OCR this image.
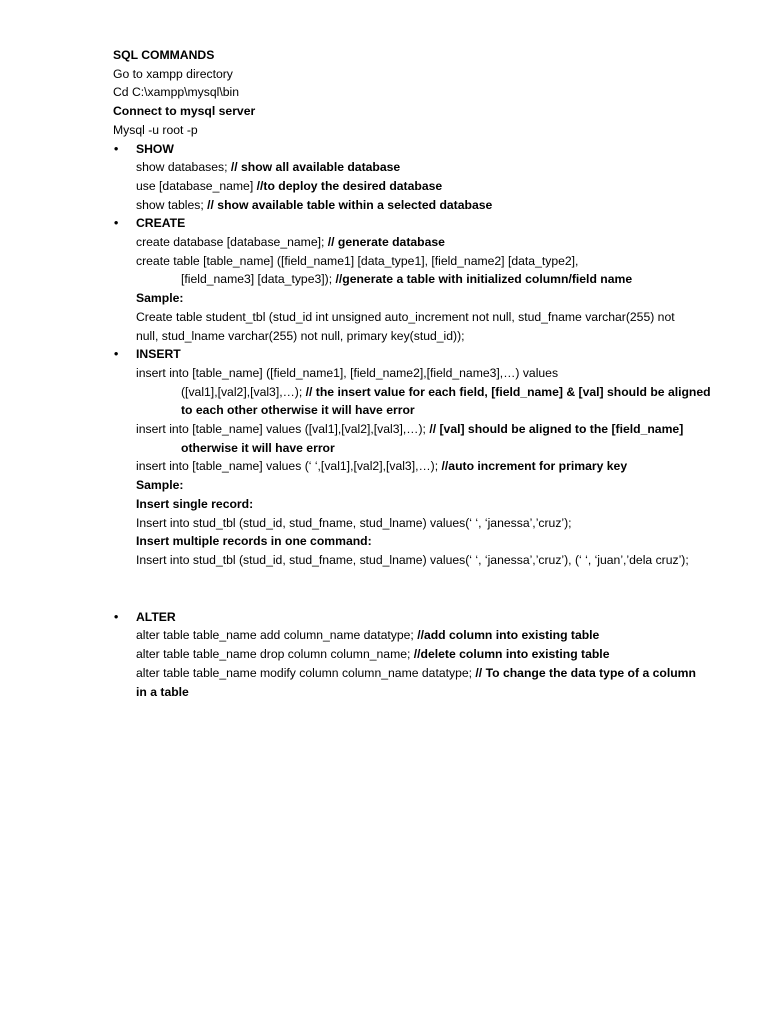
SQL COMMANDS
Go to xampp directory
Cd C:\xampp\mysql\bin
Connect to mysql server
Mysql -u root -p
• SHOW
show databases; // show all available database
use [database_name] //to deploy the desired database
show tables; // show available table within a selected database
• CREATE
create database [database_name]; // generate database
create table [table_name] ([field_name1] [data_type1], [field_name2] [data_type2],
[field_name3] [data_type3]); //generate a table with initialized column/field name
Sample:
Create table student_tbl (stud_id int unsigned auto_increment not null, stud_fname varchar(255) not
null, stud_lname varchar(255) not null, primary key(stud_id));
• INSERT
insert into [table_name] ([field_name1], [field_name2],[field_name3],…) values
([val1],[val2],[val3],…); // the insert value for each field, [field_name] & [val] should be aligned
to each other otherwise it will have error
insert into [table_name] values ([val1],[val2],[val3],…); // [val] should be aligned to the [field_name]
otherwise it will have error
insert into [table_name] values (‘ ‘,[val1],[val2],[val3],…); //auto increment for primary key
Sample:
Insert single record:
Insert into stud_tbl (stud_id, stud_fname, stud_lname) values(‘ ‘, ‘janessa’,’cruz’);
Insert multiple records in one command:
Insert into stud_tbl (stud_id, stud_fname, stud_lname) values(‘ ‘, ‘janessa’,’cruz’), (‘ ‘, ‘juan’,’dela cruz’);
• ALTER
alter table table_name add column_name datatype; //add column into existing table
alter table table_name drop column column_name; //delete column into existing table
alter table table_name modify column column_name datatype; // To change the data type of a column
in a table
